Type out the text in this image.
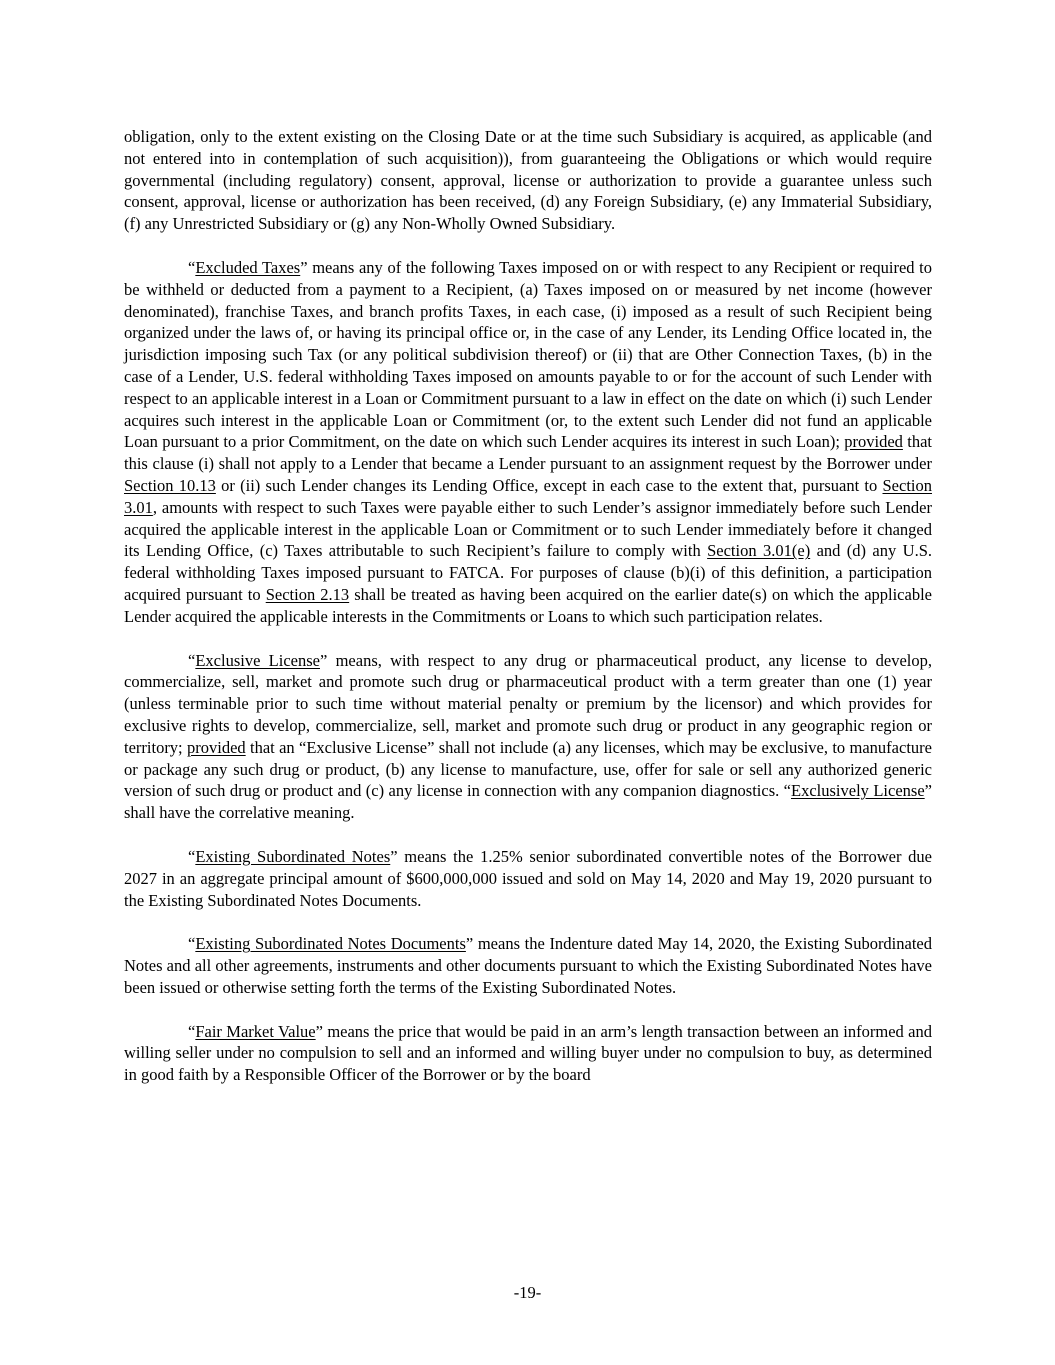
obligation, only to the extent existing on the Closing Date or at the time such Subsidiary is acquired, as applicable (and not entered into in contemplation of such acquisition)), from guaranteeing the Obligations or which would require governmental (including regulatory) consent, approval, license or authorization to provide a guarantee unless such consent, approval, license or authorization has been received, (d) any Foreign Subsidiary, (e) any Immaterial Subsidiary, (f) any Unrestricted Subsidiary or (g) any Non-Wholly Owned Subsidiary.

“Excluded Taxes” means any of the following Taxes imposed on or with respect to any Recipient or required to be withheld or deducted from a payment to a Recipient, (a) Taxes imposed on or measured by net income (however denominated), franchise Taxes, and branch profits Taxes, in each case, (i) imposed as a result of such Recipient being organized under the laws of, or having its principal office or, in the case of any Lender, its Lending Office located in, the jurisdiction imposing such Tax (or any political subdivision thereof) or (ii) that are Other Connection Taxes, (b) in the case of a Lender, U.S. federal withholding Taxes imposed on amounts payable to or for the account of such Lender with respect to an applicable interest in a Loan or Commitment pursuant to a law in effect on the date on which (i) such Lender acquires such interest in the applicable Loan or Commitment (or, to the extent such Lender did not fund an applicable Loan pursuant to a prior Commitment, on the date on which such Lender acquires its interest in such Loan); provided that this clause (i) shall not apply to a Lender that became a Lender pursuant to an assignment request by the Borrower under Section 10.13 or (ii) such Lender changes its Lending Office, except in each case to the extent that, pursuant to Section 3.01, amounts with respect to such Taxes were payable either to such Lender’s assignor immediately before such Lender acquired the applicable interest in the applicable Loan or Commitment or to such Lender immediately before it changed its Lending Office, (c) Taxes attributable to such Recipient’s failure to comply with Section 3.01(e) and (d) any U.S. federal withholding Taxes imposed pursuant to FATCA. For purposes of clause (b)(i) of this definition, a participation acquired pursuant to Section 2.13 shall be treated as having been acquired on the earlier date(s) on which the applicable Lender acquired the applicable interests in the Commitments or Loans to which such participation relates.

“Exclusive License” means, with respect to any drug or pharmaceutical product, any license to develop, commercialize, sell, market and promote such drug or pharmaceutical product with a term greater than one (1) year (unless terminable prior to such time without material penalty or premium by the licensor) and which provides for exclusive rights to develop, commercialize, sell, market and promote such drug or product in any geographic region or territory; provided that an “Exclusive License” shall not include (a) any licenses, which may be exclusive, to manufacture or package any such drug or product, (b) any license to manufacture, use, offer for sale or sell any authorized generic version of such drug or product and (c) any license in connection with any companion diagnostics. “Exclusively License” shall have the correlative meaning.

“Existing Subordinated Notes” means the 1.25% senior subordinated convertible notes of the Borrower due 2027 in an aggregate principal amount of $600,000,000 issued and sold on May 14, 2020 and May 19, 2020 pursuant to the Existing Subordinated Notes Documents.

“Existing Subordinated Notes Documents” means the Indenture dated May 14, 2020, the Existing Subordinated Notes and all other agreements, instruments and other documents pursuant to which the Existing Subordinated Notes have been issued or otherwise setting forth the terms of the Existing Subordinated Notes.

“Fair Market Value” means the price that would be paid in an arm’s length transaction between an informed and willing seller under no compulsion to sell and an informed and willing buyer under no compulsion to buy, as determined in good faith by a Responsible Officer of the Borrower or by the board

-19-
